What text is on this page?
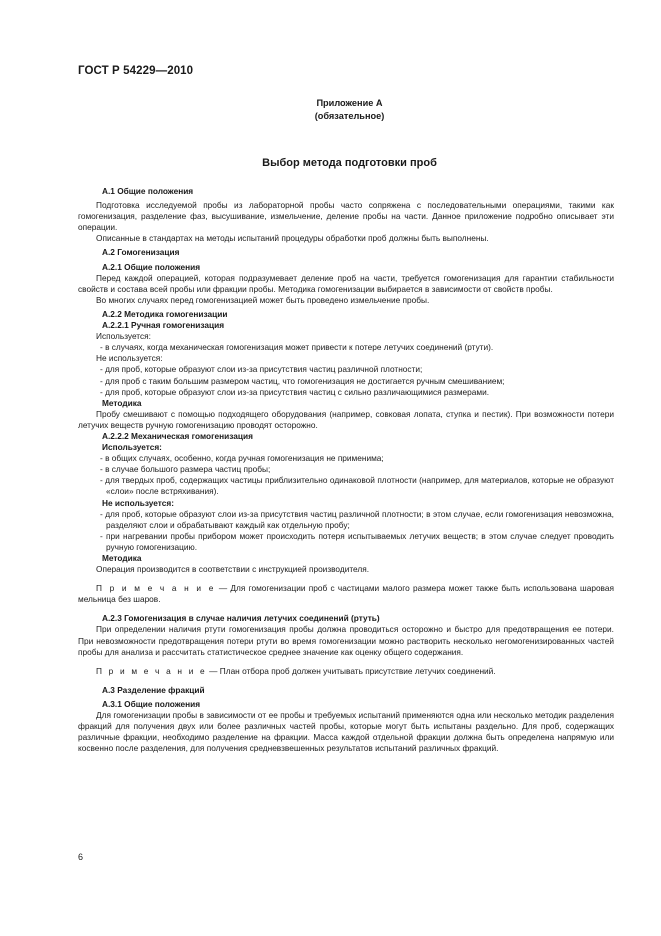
ГОСТ Р 54229—2010
Приложение А
(обязательное)
Выбор метода подготовки проб

А.1 Общие положения

Подготовка исследуемой пробы из лабораторной пробы часто сопряжена с последовательными операциями, такими как гомогенизация, разделение фаз, высушивание, измельчение, деление пробы на части. Данное приложение подробно описывает эти операции.

Описанные в стандартах на методы испытаний процедуры обработки проб должны быть выполнены.

А.2 Гомогенизация

А.2.1 Общие положения

Перед каждой операцией, которая подразумевает деление проб на части, требуется гомогенизация для гарантии стабильности свойств и состава всей пробы или фракции пробы. Методика гомогенизации выбирается в зависимости от свойств пробы.

Во многих случаях перед гомогенизацией может быть проведено измельчение пробы.

А.2.2 Методика гомогенизации

А.2.2.1 Ручная гомогенизация

Используется:

- в случаях, когда механическая гомогенизация может привести к потере летучих соединений (ртути).

Не используется:

- для проб, которые образуют слои из-за присутствия частиц различной плотности;

- для проб с таким большим размером частиц, что гомогенизация не достигается ручным смешиванием;

- для проб, которые образуют слои из-за присутствия частиц с сильно различающимися размерами.

Методика

Пробу смешивают с помощью подходящего оборудования (например, совковая лопата, ступка и пестик). При возможности потери летучих веществ ручную гомогенизацию проводят осторожно.

А.2.2.2 Механическая гомогенизация

Используется:

- в общих случаях, особенно, когда ручная гомогенизация не применима;

- в случае большого размера частиц пробы;

- для твердых проб, содержащих частицы приблизительно одинаковой плотности (например, для материалов, которые не образуют «слои» после встряхивания).

Не используется:

- для проб, которые образуют слои из-за присутствия частиц различной плотности; в этом случае, если гомогенизация невозможна, разделяют слои и обрабатывают каждый как отдельную пробу;

- при нагревании пробы прибором может происходить потеря испытываемых летучих веществ; в этом случае следует проводить ручную гомогенизацию.

Методика

Операция производится в соответствии с инструкцией производителя.

П р и м е ч а н и е — Для гомогенизации проб с частицами малого размера может также быть использована шаровая мельница без шаров.

А.2.3 Гомогенизация в случае наличия летучих соединений (ртуть)

При определении наличия ртути гомогенизация пробы должна проводиться осторожно и быстро для предотвращения ее потери. При невозможности предотвращения потери ртути во время гомогенизации можно растворить несколько негомогенизированных частей пробы для анализа и рассчитать статистическое среднее значение как оценку общего содержания.

П р и м е ч а н и е — План отбора проб должен учитывать присутствие летучих соединений.

А.3 Разделение фракций

А.3.1 Общие положения

Для гомогенизации пробы в зависимости от ее пробы и требуемых испытаний применяются одна или несколько методик разделения фракций для получения двух или более различных частей пробы, которые могут быть испытаны раздельно. Для проб, содержащих различные фракции, необходимо разделение на фракции. Масса каждой отдельной фракции должна быть определена напрямую или косвенно после разделения, для получения средневзвешенных результатов испытаний различных фракций.

6
